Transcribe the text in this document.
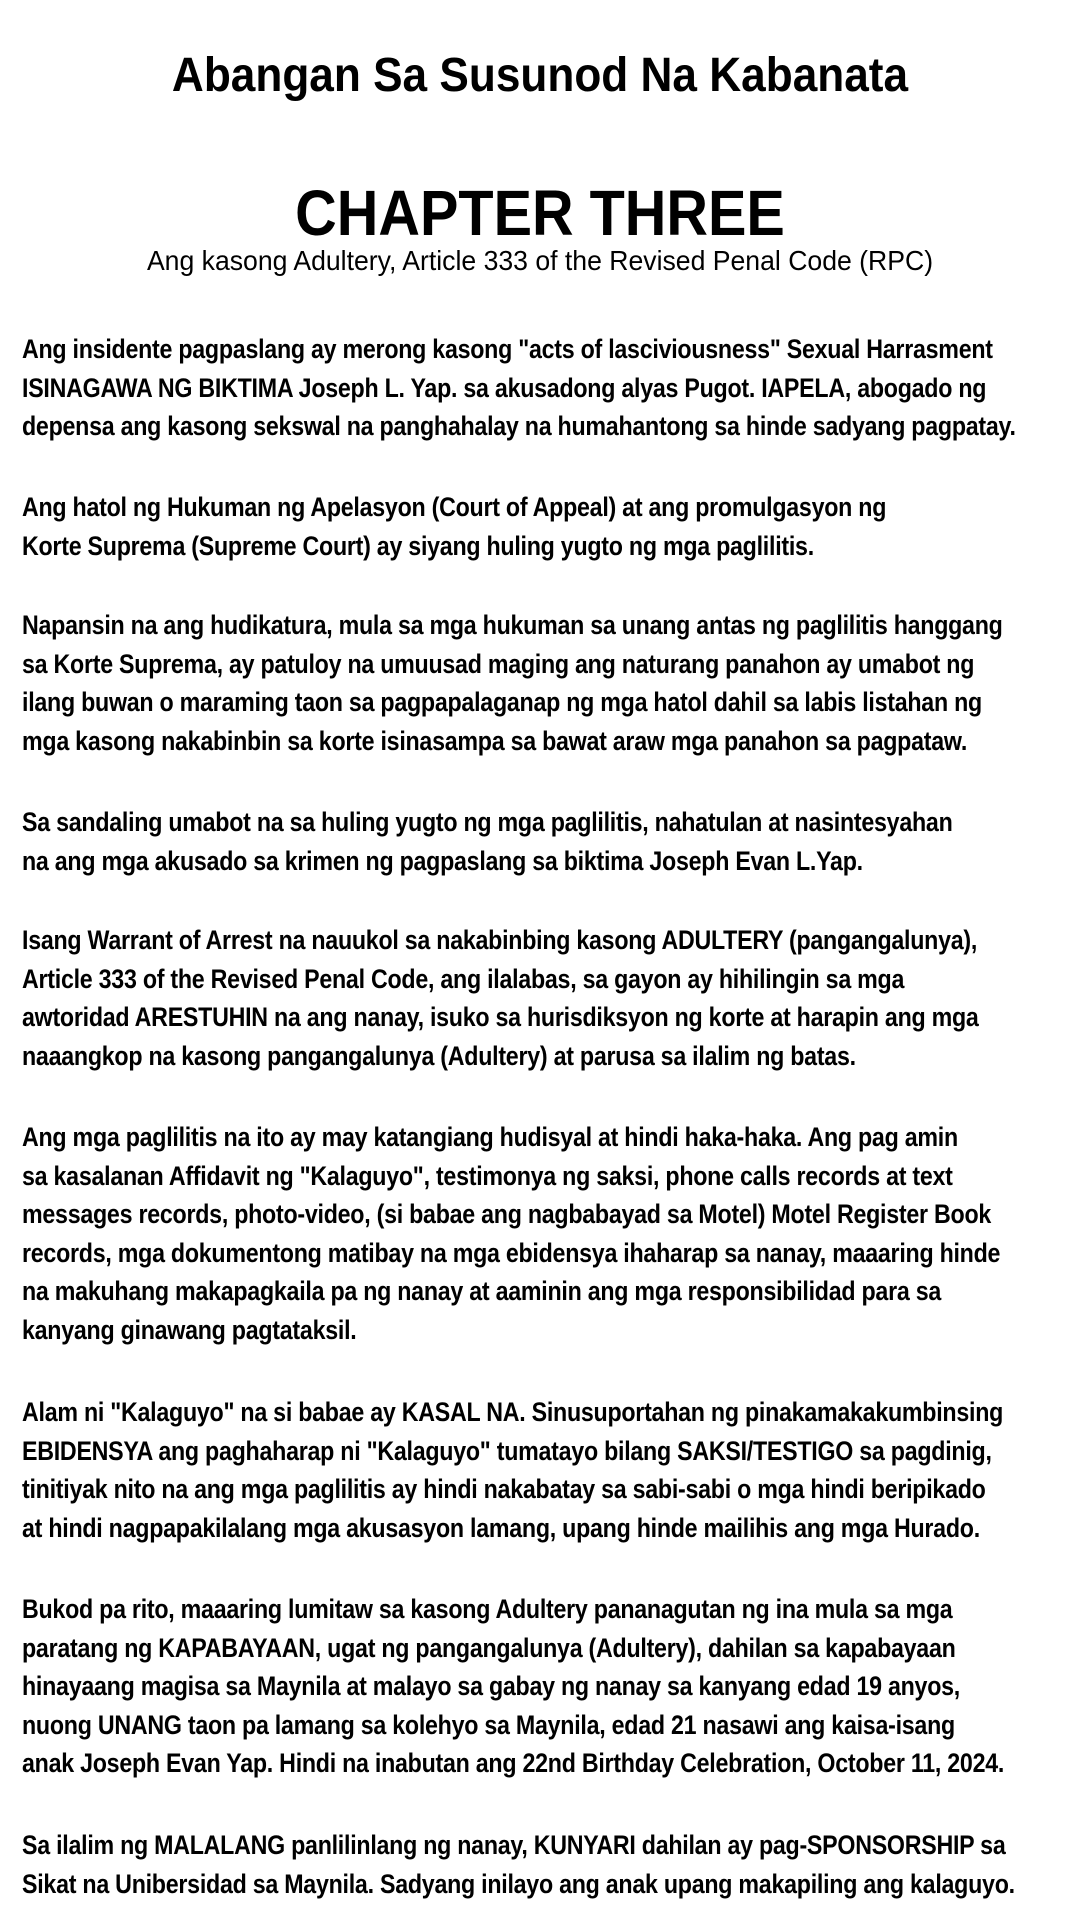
Abangan Sa Susunod Na Kabanata
CHAPTER THREE
Ang kasong Adultery, Article 333 of the Revised Penal Code (RPC)
Ang insidente pagpaslang ay merong kasong "acts of lasciviousness" Sexual Harrasment
ISINAGAWA NG BIKTIMA Joseph L. Yap. sa akusadong alyas Pugot. IAPELA, abogado ng
depensa ang kasong sekswal na panghahalay na humahantong sa hinde sadyang pagpatay.
Ang hatol ng Hukuman ng Apelasyon (Court of Appeal) at ang promulgasyon ng
Korte Suprema (Supreme Court) ay siyang huling yugto ng mga paglilitis.
Napansin na ang hudikatura, mula sa mga hukuman sa unang antas ng paglilitis hanggang
sa Korte Suprema, ay patuloy na umuusad maging ang naturang panahon ay umabot ng
ilang buwan o maraming taon sa pagpapalaganap ng mga hatol dahil sa labis listahan ng
mga kasong nakabinbin sa korte isinasampa sa bawat araw mga panahon sa pagpataw.
Sa sandaling umabot na sa huling yugto ng mga paglilitis, nahatulan at nasintesyahan
na ang mga akusado sa krimen ng pagpaslang sa biktima Joseph Evan L.Yap.
Isang Warrant of Arrest na nauukol sa nakabinbing kasong ADULTERY (pangangalunya),
Article 333 of the Revised Penal Code, ang ilalabas, sa gayon ay hihilingin sa mga
awtoridad ARESTUHIN na ang nanay, isuko sa hurisdiksyon ng korte at harapin ang mga
naaangkop na kasong pangangalunya (Adultery) at parusa sa ilalim ng batas.
Ang mga paglilitis na ito ay may katangiang hudisyal at hindi haka-haka. Ang pag amin
sa kasalanan Affidavit ng "Kalaguyo", testimonya ng saksi, phone calls records at text
messages records, photo-video, (si babae ang nagbabayad sa Motel) Motel Register Book
records, mga dokumentong matibay na mga ebidensya ihaharap sa nanay, maaaring hinde
na makuhang makapagkaila pa ng nanay at aaminin ang mga responsibilidad para sa
kanyang ginawang pagtataksil.
Alam ni "Kalaguyo" na si babae ay KASAL NA. Sinusuportahan ng pinakamakakumbinsing
EBIDENSYA ang paghaharap ni "Kalaguyo" tumatayo bilang SAKSI/TESTIGO sa pagdinig,
tinitiyak nito na ang mga paglilitis ay hindi nakabatay sa sabi-sabi o mga hindi beripikado
at hindi nagpapakilalang mga akusasyon lamang, upang hinde mailihis ang mga Hurado.
Bukod pa rito, maaaring lumitaw sa kasong Adultery pananagutan ng ina mula sa mga
paratang ng KAPABAYAAN, ugat ng pangangalunya (Adultery), dahilan sa kapabayaan
hinayaang magisa sa Maynila at malayo sa gabay ng nanay sa kanyang edad 19 anyos,
nuong UNANG taon pa lamang sa kolehyo sa Maynila, edad 21 nasawi ang kaisa-isang
anak Joseph Evan Yap. Hindi na inabutan ang 22nd Birthday Celebration, October 11, 2024.
Sa ilalim ng MALALANG panlilinlang ng nanay, KUNYARI dahilan ay pag-SPONSORSHIP sa
Sikat na Unibersidad sa Maynila. Sadyang inilayo ang anak upang makapiling ang kalaguyo.
